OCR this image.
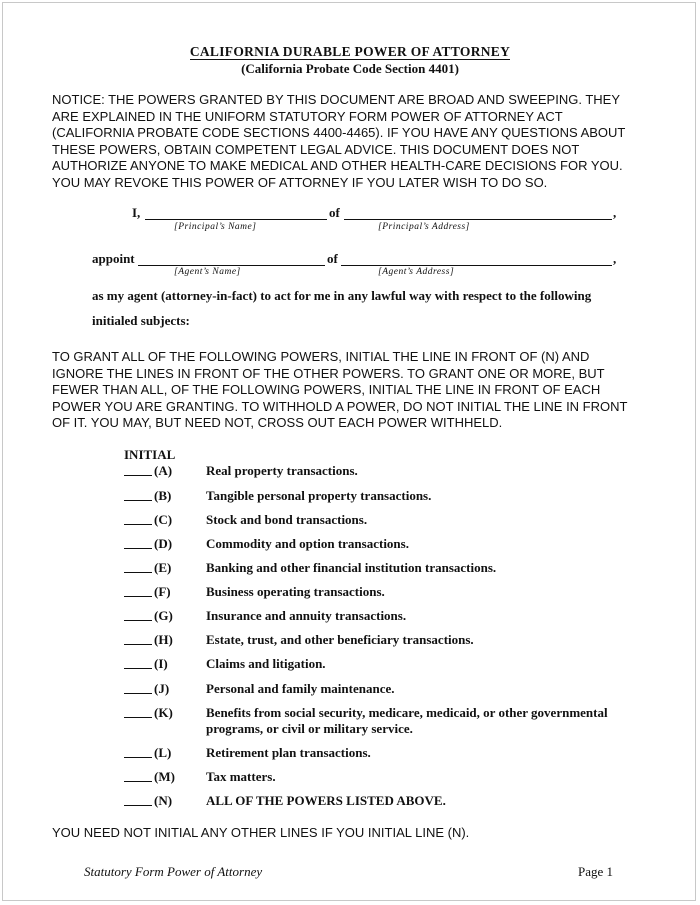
CALIFORNIA DURABLE POWER OF ATTORNEY
(California Probate Code Section 4401)
NOTICE: THE POWERS GRANTED BY THIS DOCUMENT ARE BROAD AND SWEEPING. THEY
ARE EXPLAINED IN THE UNIFORM STATUTORY FORM POWER OF ATTORNEY ACT
(CALIFORNIA PROBATE CODE SECTIONS 4400-4465). IF YOU HAVE ANY QUESTIONS ABOUT
THESE POWERS, OBTAIN COMPETENT LEGAL ADVICE. THIS DOCUMENT DOES NOT
AUTHORIZE ANYONE TO MAKE MEDICAL AND OTHER HEALTH-CARE DECISIONS FOR YOU.
YOU MAY REVOKE THIS POWER OF ATTORNEY IF YOU LATER WISH TO DO SO.
I,	of	,
[Principal’s Name]	[Principal’s Address]
appoint	of	,
[Agent’s Name]	[Agent’s Address]
as my agent (attorney-in-fact) to act for me in any lawful way with respect to the following
initialed subjects:
TO GRANT ALL OF THE FOLLOWING POWERS, INITIAL THE LINE IN FRONT OF (N) AND
IGNORE THE LINES IN FRONT OF THE OTHER POWERS. TO GRANT ONE OR MORE, BUT
FEWER THAN ALL, OF THE FOLLOWING POWERS, INITIAL THE LINE IN FRONT OF EACH
POWER YOU ARE GRANTING. TO WITHHOLD A POWER, DO NOT INITIAL THE LINE IN FRONT
OF IT. YOU MAY, BUT NEED NOT, CROSS OUT EACH POWER WITHHELD.
INITIAL
(A)	Real property transactions.
(B)	Tangible personal property transactions.
(C)	Stock and bond transactions.
(D)	Commodity and option transactions.
(E)	Banking and other financial institution transactions.
(F)	Business operating transactions.
(G)	Insurance and annuity transactions.
(H)	Estate, trust, and other beneficiary transactions.
(I)	Claims and litigation.
(J)	Personal and family maintenance.
(K)	Benefits from social security, medicare, medicaid, or other governmental programs, or civil or military service.
(L)	Retirement plan transactions.
(M) Tax matters.
(N)	ALL OF THE POWERS LISTED ABOVE.
YOU NEED NOT INITIAL ANY OTHER LINES IF YOU INITIAL LINE (N).
Statutory Form Power of Attorney	Page 1
